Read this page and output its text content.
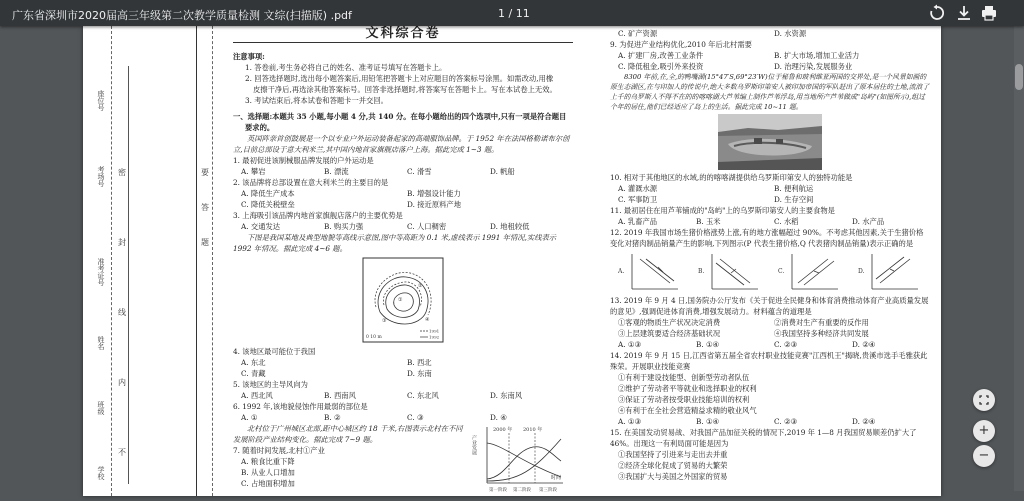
广东省深圳市2020届高三年级第二次教学质量检测 文综(扫描版) .pdf	1 / 11
学校
班级
姓名
准考证号
考场号
座位号
密
封
线
内
不
要
答
题
文科综合卷
注意事项:
1. 答卷前,考生务必将自己的姓名、准考证号填写在答题卡上。
2. 回答选择题时,选出每小题答案后,用铅笔把答题卡上对应题目的答案标号涂黑。如需改动,用橡
皮擦干净后,再选涂其他答案标号。回答非选择题时,将答案写在答题卡上。写在本试卷上无效。
3. 考试结束后,将本试卷和答题卡一并交回。
一、选择题:本题共 35 小题,每小题 4 分,共 140 分。在每小题给出的四个选项中,只有一项是符合题目
要求的。
英国阵亲首创鼓展是一个以专业户外运动装备起家的高端服饰品牌。于 1952 年在法国格勒诺布尔创立,目前总部设于意大利米兰,其中国内地首家旗舰店落户上海。据此完成 1~3 题。
1. 最初促进该制械服品牌发展的户外运动是
A. 攀岩	B. 漂流	C. 滑雪	D. 帆船
2. 该品牌将总部设置在意大利米兰的主要目的是
A. 降低生产成本	B. 增强设计能力
C. 降低关税壁垒	D. 接近原料产地
3. 上海吸引该品牌内地首家旗舰店落户的主要优势是
A. 交通发达	B. 购买力强	C. 人口稠密	D. 地租较低
下图是我国某地及典型地貌等高线示意图,图中等高距为 0.1 米,虚线表示 1991 年情况,实线表示 1992 年情况。据此完成 4~6 题。
①
②
③	④
0 10 m
1991
1992
4. 该地区最可能位于我国
A. 东北	B. 西北
C. 青藏	D. 东南
5. 该地区的主导风向为
A. 西北风	B. 西南风	C. 东北风	D. 东南风
6. 1992 年,该地貌侵蚀作用最弱的部位是
A. ①	B. ②	C. ③	D. ④
北村位于广州城区北部,距中心城区约 18 千米,右图表示北村在不同发展阶段产业结构变化。据此完成 7~9 题。
7. 随着时间发展,北村①产业
A. 粮食比重下降
B. 从业人口增加
C. 占地面积增加
产业发展
时间
2000 年 2010 年
第一阶段 第二阶段 第三阶段
C. 矿产资源	D. 水资源
9. 为促进产业结构优化,2010 年后北村需要
A. 扩建厂房,改善工业条件	B. 扩大市场,增加工业活力
C. 降低租金,吸引外来投资	D. 治理污染,发展服务业
8300 年前,在,全,的鸭嘴湖(15°47′S,69°23′W)位于秘鲁和玻利维亚两国的交界处,是一个风景如画的原生态湖区,在与印加人的传说中,绝大多数乌罗斯印第安人被印加帝国的军队赶出了原本居住的土地,流浪了上千的乌罗斯人不得不在的的喀喀湖大芦苇编上制作芦苇浮岛,用当地所产芦苇做成"岛屿"(如图所示),组过个年的居住,他们已经适应了岛上的生活。据此完成 10~11 题。
10. 相对于其他地区的水域,的的喀喀湖提供给乌罗斯印第安人的独特功能是
A. 灌溉水源	B. 便利航运
C. 军事防卫	D. 生存空间
11. 最初居住在用芦苇铺成的"岛屿"上的乌罗斯印第安人的主要食物是
A. 乳畜产品	B. 玉米	C. 水稻	D. 水产品
12. 2019 年我国市场生猪价格涨势上涨,有的地方涨幅超过 90%。不考虑其他因素,关于生猪价格变化对猪肉制品销量产生的影响,下列图示(P 代表生猪价格,Q 代表猪肉制品销量)表示正确的是
A.	B.	C.	D.
13. 2019 年 9 月 4 日,国务院办公厅发布《关于促进全民健身和体育消费推动体育产业高质量发展的意见》,强调促进体育消费,增强发展动力。材料蕴含的道理是
①客观的物质生产状况决定消费	②消费对生产有重要的反作用
③上层建筑要适合经济基础状况	④我国坚持多种经济共同发展
A. ①③	B. ①④	C. ②③	D. ②④
14. 2019 年 9 月 15 日,江西省第五届全省农村职业技能竞赛"江西机王"揭晓,贵溪市选手毛雅获此殊荣。开展职业技能竞赛
①有利于建设技能型、创新型劳动者队伍
②维护了劳动者平等就业和选择职业的权利
③保证了劳动者按受职业技能培训的权利
④有利于在全社会营造精益求精的敬业风气
A. ①③	B. ①④	C. ②③	D. ②④
15. 在美国发动贸易战、对我国产品加征关税的情况下,2019 年 1—8 月我国贸易顺差仍扩大了 46%。出现这一有利局面可能是因为
①我国坚持了引进来与走出去并重
②经济全球化促成了贸易的大繁荣
③我国扩大与美国之外国家的贸易
+
−
